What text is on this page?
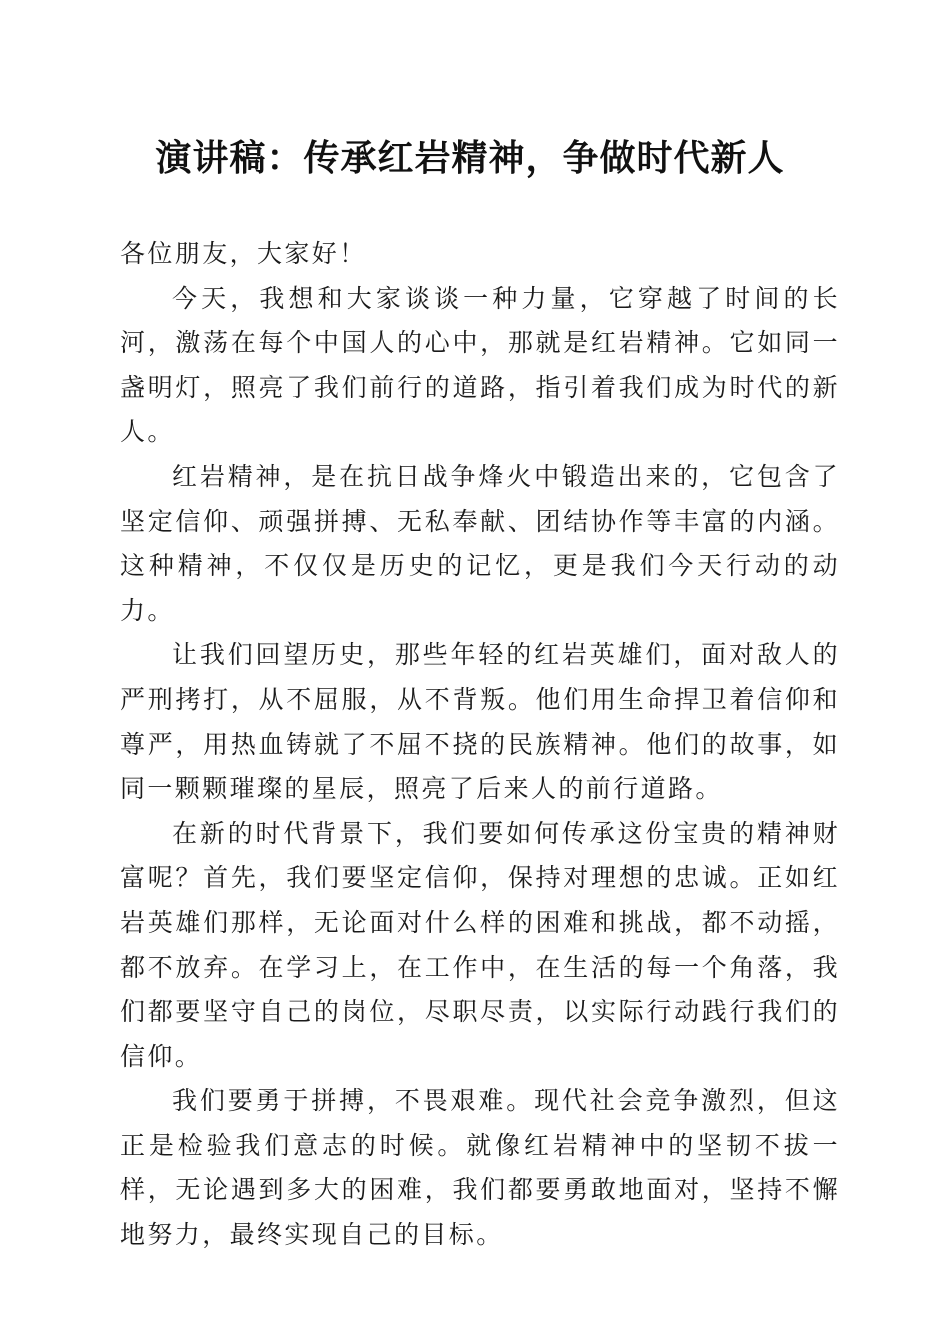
演讲稿：传承红岩精神，争做时代新人

各位朋友，大家好！

今天，我想和大家谈谈一种力量，它穿越了时间的长河，激荡在每个中国人的心中，那就是红岩精神。它如同一盏明灯，照亮了我们前行的道路，指引着我们成为时代的新人。

红岩精神，是在抗日战争烽火中锻造出来的，它包含了坚定信仰、顽强拼搏、无私奉献、团结协作等丰富的内涵。这种精神，不仅仅是历史的记忆，更是我们今天行动的动力。

让我们回望历史，那些年轻的红岩英雄们，面对敌人的严刑拷打，从不屈服，从不背叛。他们用生命捍卫着信仰和尊严，用热血铸就了不屈不挠的民族精神。他们的故事，如同一颗颗璀璨的星辰，照亮了后来人的前行道路。

在新的时代背景下，我们要如何传承这份宝贵的精神财富呢？首先，我们要坚定信仰，保持对理想的忠诚。正如红岩英雄们那样，无论面对什么样的困难和挑战，都不动摇，都不放弃。在学习上，在工作中，在生活的每一个角落，我们都要坚守自己的岗位，尽职尽责，以实际行动践行我们的信仰。

我们要勇于拼搏，不畏艰难。现代社会竞争激烈，但这正是检验我们意志的时候。就像红岩精神中的坚韧不拔一样，无论遇到多大的困难，我们都要勇敢地面对，坚持不懈地努力，最终实现自己的目标。
